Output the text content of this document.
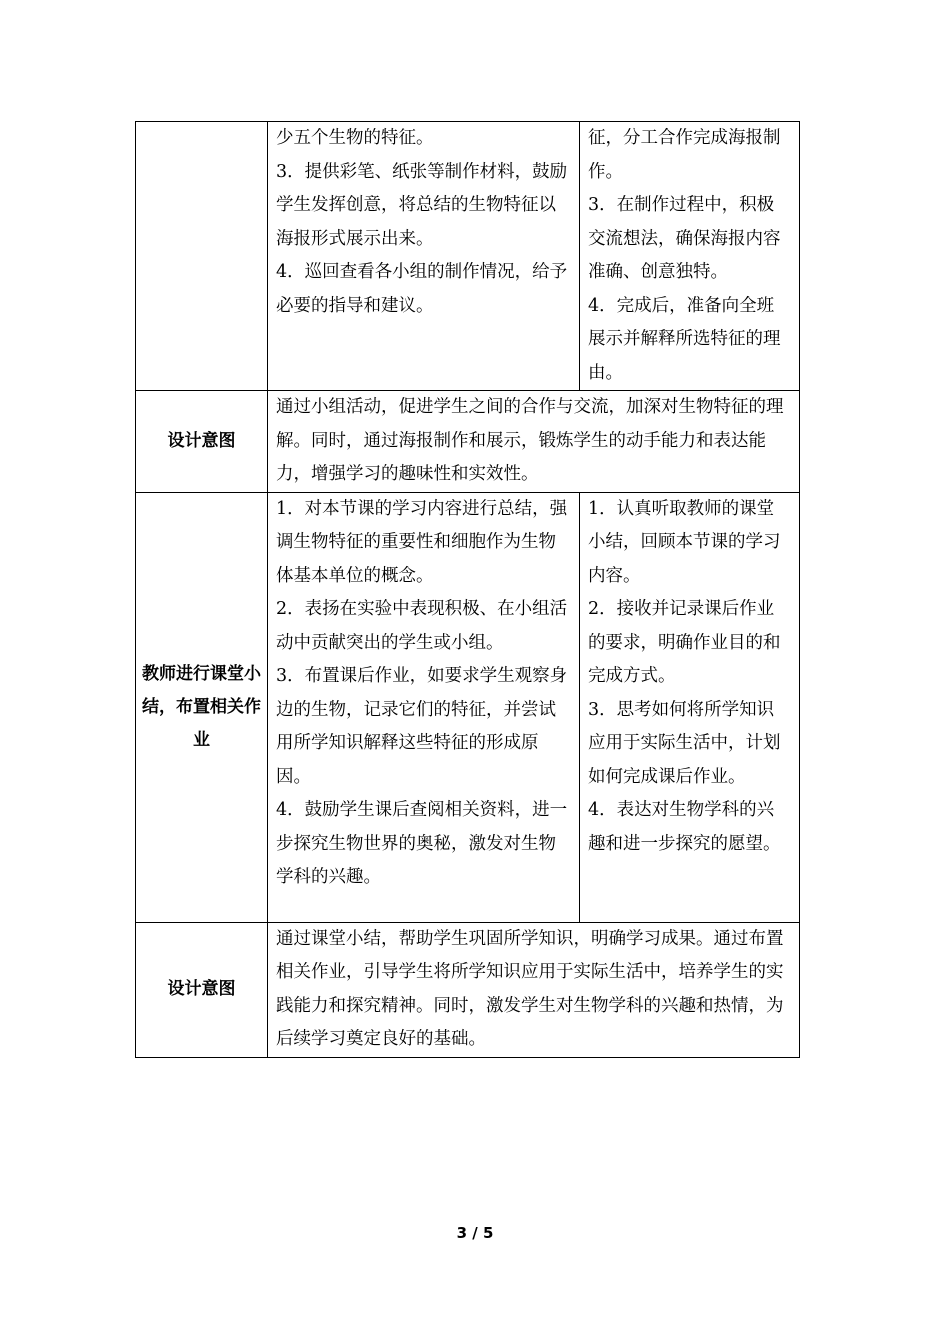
	少五个生物的特征。
3．提供彩笔、纸张等制作材料，鼓励学生发挥创意，将总结的生物特征以海报形式展示出来。
4．巡回查看各小组的制作情况，给予必要的指导和建议。	征，分工合作完成海报制作。
3．在制作过程中，积极交流想法，确保海报内容准确、创意独特。
4．完成后，准备向全班展示并解释所选特征的理由。

设计意图	通过小组活动，促进学生之间的合作与交流，加深对生物特征的理解。同时，通过海报制作和展示，锻炼学生的动手能力和表达能力，增强学习的趣味性和实效性。	
教师进行课堂小结，布置相关作业	1．对本节课的学习内容进行总结，强调生物特征的重要性和细胞作为生物体基本单位的概念。
2．表扬在实验中表现积极、在小组活动中贡献突出的学生或小组。
3．布置课后作业，如要求学生观察身边的生物，记录它们的特征，并尝试用所学知识解释这些特征的形成原因。
4．鼓励学生课后查阅相关资料，进一步探究生物世界的奥秘，激发对生物学科的兴趣。	1．认真听取教师的课堂小结，回顾本节课的学习内容。
2．接收并记录课后作业的要求，明确作业目的和完成方式。
3．思考如何将所学知识应用于实际生活中，计划如何完成课后作业。
4．表达对生物学科的兴趣和进一步探究的愿望。

设计意图	通过课堂小结，帮助学生巩固所学知识，明确学习成果。通过布置相关作业，引导学生将所学知识应用于实际生活中，培养学生的实践能力和探究精神。同时，激发学生对生物学科的兴趣和热情，为后续学习奠定良好的基础。	
3 / 5
